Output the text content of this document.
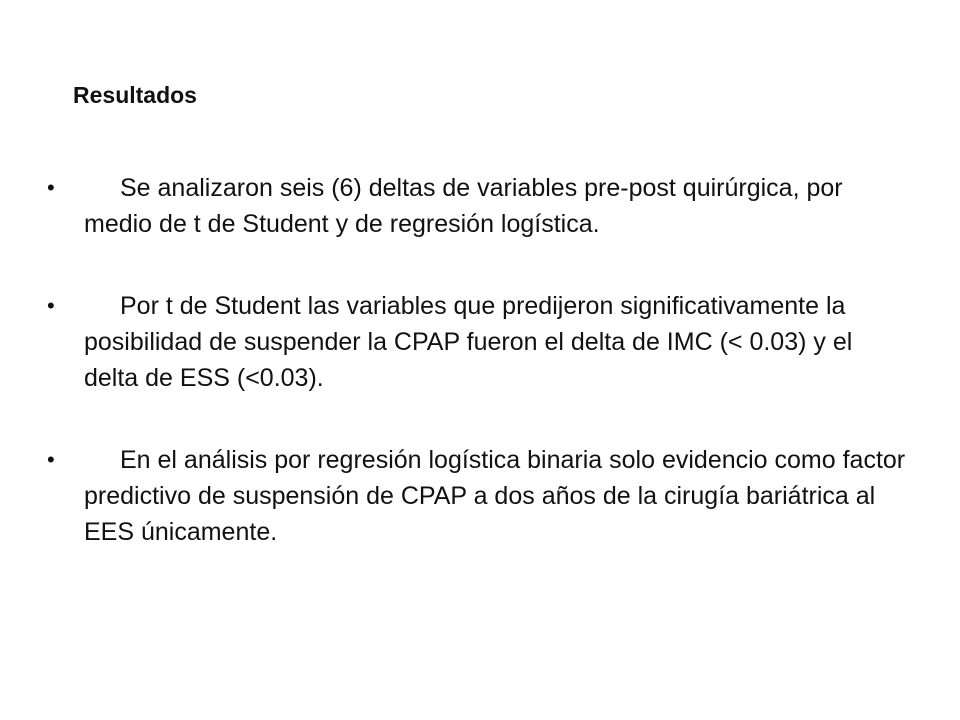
Resultados
•	Se analizaron seis (6) deltas de variables pre-post quirúrgica, por medio de t de Student y de regresión logística.
•	Por t de Student las variables que predijeron significativamente la posibilidad de suspender la CPAP fueron el delta de IMC (< 0.03) y el delta de ESS (<0.03).
•	En el análisis por regresión logística binaria solo evidencio como factor predictivo de suspensión de CPAP a dos años de la cirugía bariátrica al EES únicamente.
